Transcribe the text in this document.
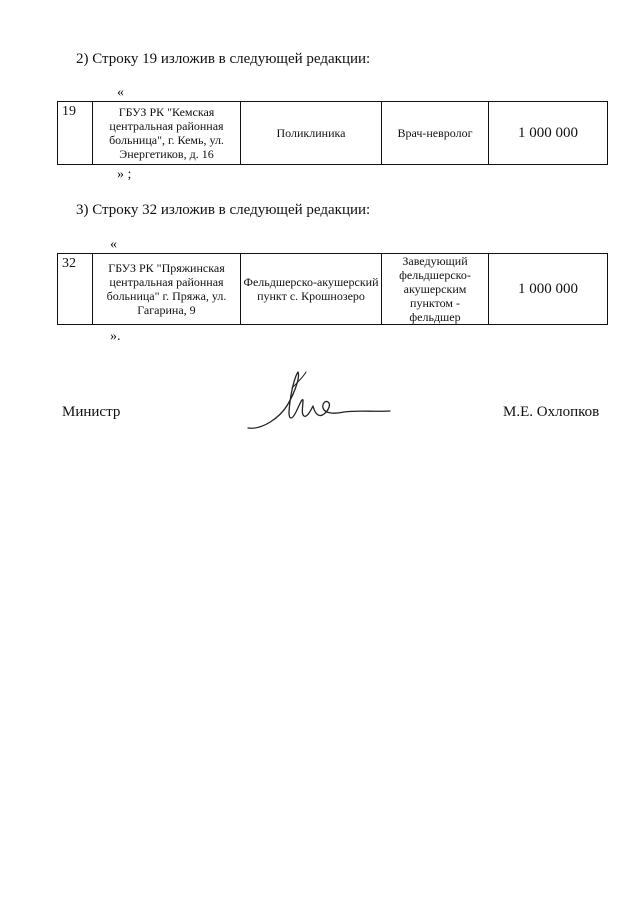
2) Строку 19 изложив в следующей редакции:
«
19	ГБУЗ РК "Кемская центральная районная больница", г. Кемь, ул. Энергетиков, д. 16	Поликлиника	Врач-невролог	1 000 000
» ;
3) Строку 32 изложив в следующей редакции:
«
32	ГБУЗ РК "Пряжинская центральная районная больница" г. Пряжа, ул. Гагарина, 9	Фельдшерско-акушерский пункт с. Крошнозеро	Заведующий фельдшерско-акушерским пунктом - фельдшер	1 000 000
».
Министр	М.Е. Охлопков
